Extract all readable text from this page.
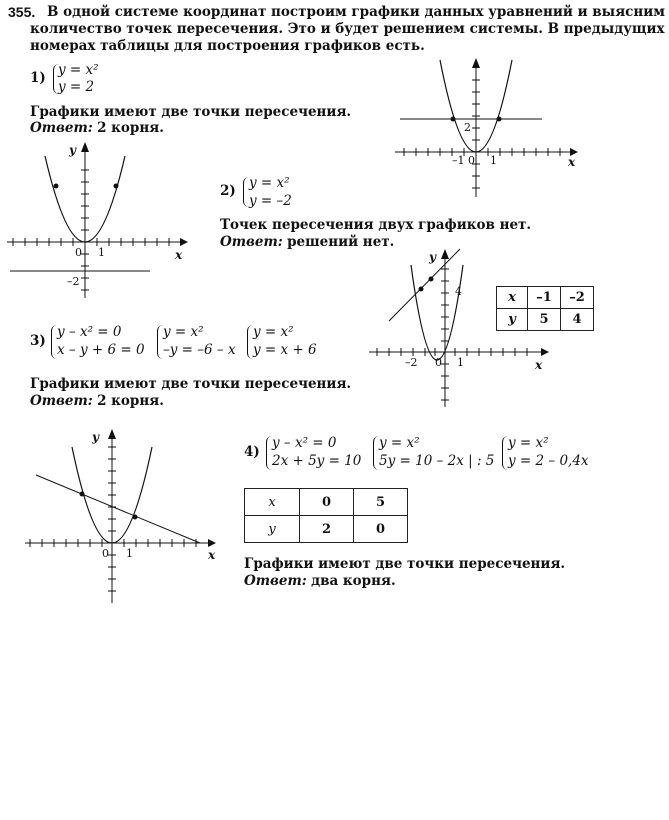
355. В одной системе координат построим графики данных уравнений и выясним
количество точек пересечения. Это и будет решением системы. В предыдущих
номерах таблицы для построения графиков есть.
1) y = x²
y = 2
Графики имеют две точки пересечения.
Ответ: 2 корня.	2
–1 0 1	x
y
0 1
–2
x
2) y = x²
y = –2
Точек пересечения двух графиков нет.
Ответ: решений нет.
y
4
–2 0 1	x
x	–1	–2
y	5	4
3)
y – x² = 0
x – y + 6 = 0
y = x²
–y = –6 – x
y = x²
y = x + 6
Графики имеют две точки пересечения.
Ответ: 2 корня.
y
0 1	x
4)
y – x² = 0
2x + 5y = 10
y = x²
5y = 10 – 2x | : 5
y = x²
y = 2 – 0,4x
x	0	5
y	2	0
Графики имеют две точки пересечения.
Ответ: два корня.
